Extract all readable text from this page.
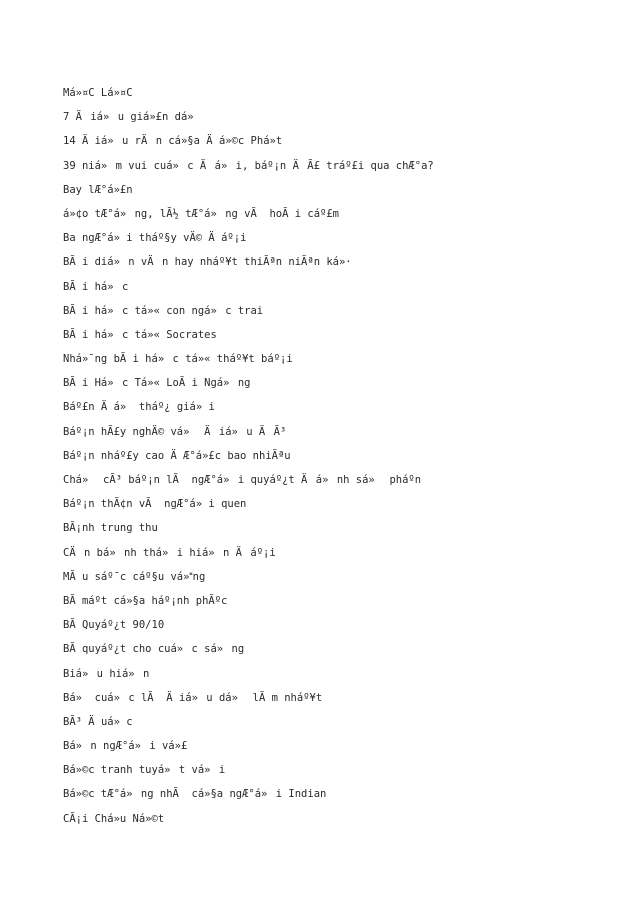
Má»¤C Lá»¤C
7 Äiá»u giá»£n dá»
14 Äiá»u rÄn cá»§a Äá»©c Phá»t
39 niá»m vui cuá»c Äá»i, báº¡n ÄÃ£ tráº£i qua chÆ°a?
Bay lÆ°á»£n
á»¢o tÆ°á»ng, lÃ½ tÆ°á»ng vÃ  hoÃ i cáº£m
Ba ngÆ°á»i tháº§y vÄ© Äáº¡i
BÃ i diá»n vÄn hay nháº¥t thiÃªn niÃªn ká»·
BÃ i há»c
BÃ i há»c tá»« con ngá»c trai
BÃ i há»c tá»« Socrates
Nhá»¯ng bÃ i há»c tá»« tháº¥t báº¡i
BÃ i Há»c Tá»« LoÃ i Ngá»ng
Báº£n Äá» tháº¿ giá»i
Báº¡n hÃ£y nghÄ© vá» Äiá»u ÄÃ³
Báº¡n nháº£y cao ÄÆ°á»£c bao nhiÃªu
Chá» cÃ³ báº¡n lÃ  ngÆ°á»i quyáº¿t Äá»nh sá» pháºn
Báº¡n thÃ¢n vÃ  ngÆ°á»i quen
BÃ¡nh trung thu
CÄn bá»nh thá»i hiá»n Äáº¡i
MÃ u sáº¯c cáº§u vá»ng
BÃ máºt cá»§a háº¡nh phÃºc
BÃ Quyáº¿t 90/10
BÃ quyáº¿t cho cuá»c sá»ng
Biá»u hiá»n
Bá» cuá»c lÃ  Äiá»u dá» lÃ m nháº¥t
BÃ³ Äuá»c
Bá»n ngÆ°á»i vá»£
Bá»©c tranh tuyá»t vá»i
Bá»©c tÆ°á»ng nhÃ  cá»§a ngÆ°á»i Indian
CÃ¡i Chá»u Ná»©t
